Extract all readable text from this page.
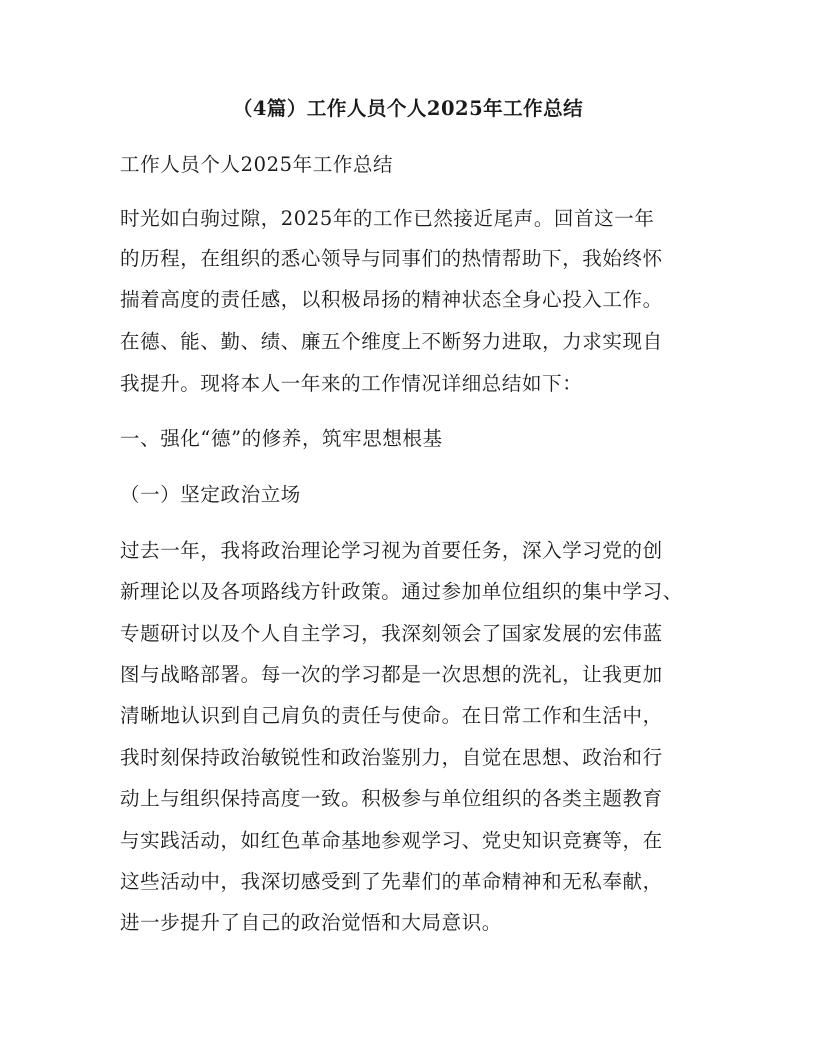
（4篇）工作人员个人2025年工作总结
工作人员个人2025年工作总结
时光如白驹过隙，2025年的工作已然接近尾声。回首这一年
的历程，在组织的悉心领导与同事们的热情帮助下，我始终怀
揣着高度的责任感，以积极昂扬的精神状态全身心投入工作。
在德、能、勤、绩、廉五个维度上不断努力进取，力求实现自
我提升。现将本人一年来的工作情况详细总结如下：
一、强化“德”的修养，筑牢思想根基
（一）坚定政治立场
过去一年，我将政治理论学习视为首要任务，深入学习党的创
新理论以及各项路线方针政策。通过参加单位组织的集中学习、
专题研讨以及个人自主学习，我深刻领会了国家发展的宏伟蓝
图与战略部署。每一次的学习都是一次思想的洗礼，让我更加
清晰地认识到自己肩负的责任与使命。在日常工作和生活中，
我时刻保持政治敏锐性和政治鉴别力，自觉在思想、政治和行
动上与组织保持高度一致。积极参与单位组织的各类主题教育
与实践活动，如红色革命基地参观学习、党史知识竞赛等，在
这些活动中，我深切感受到了先辈们的革命精神和无私奉献，
进一步提升了自己的政治觉悟和大局意识。
